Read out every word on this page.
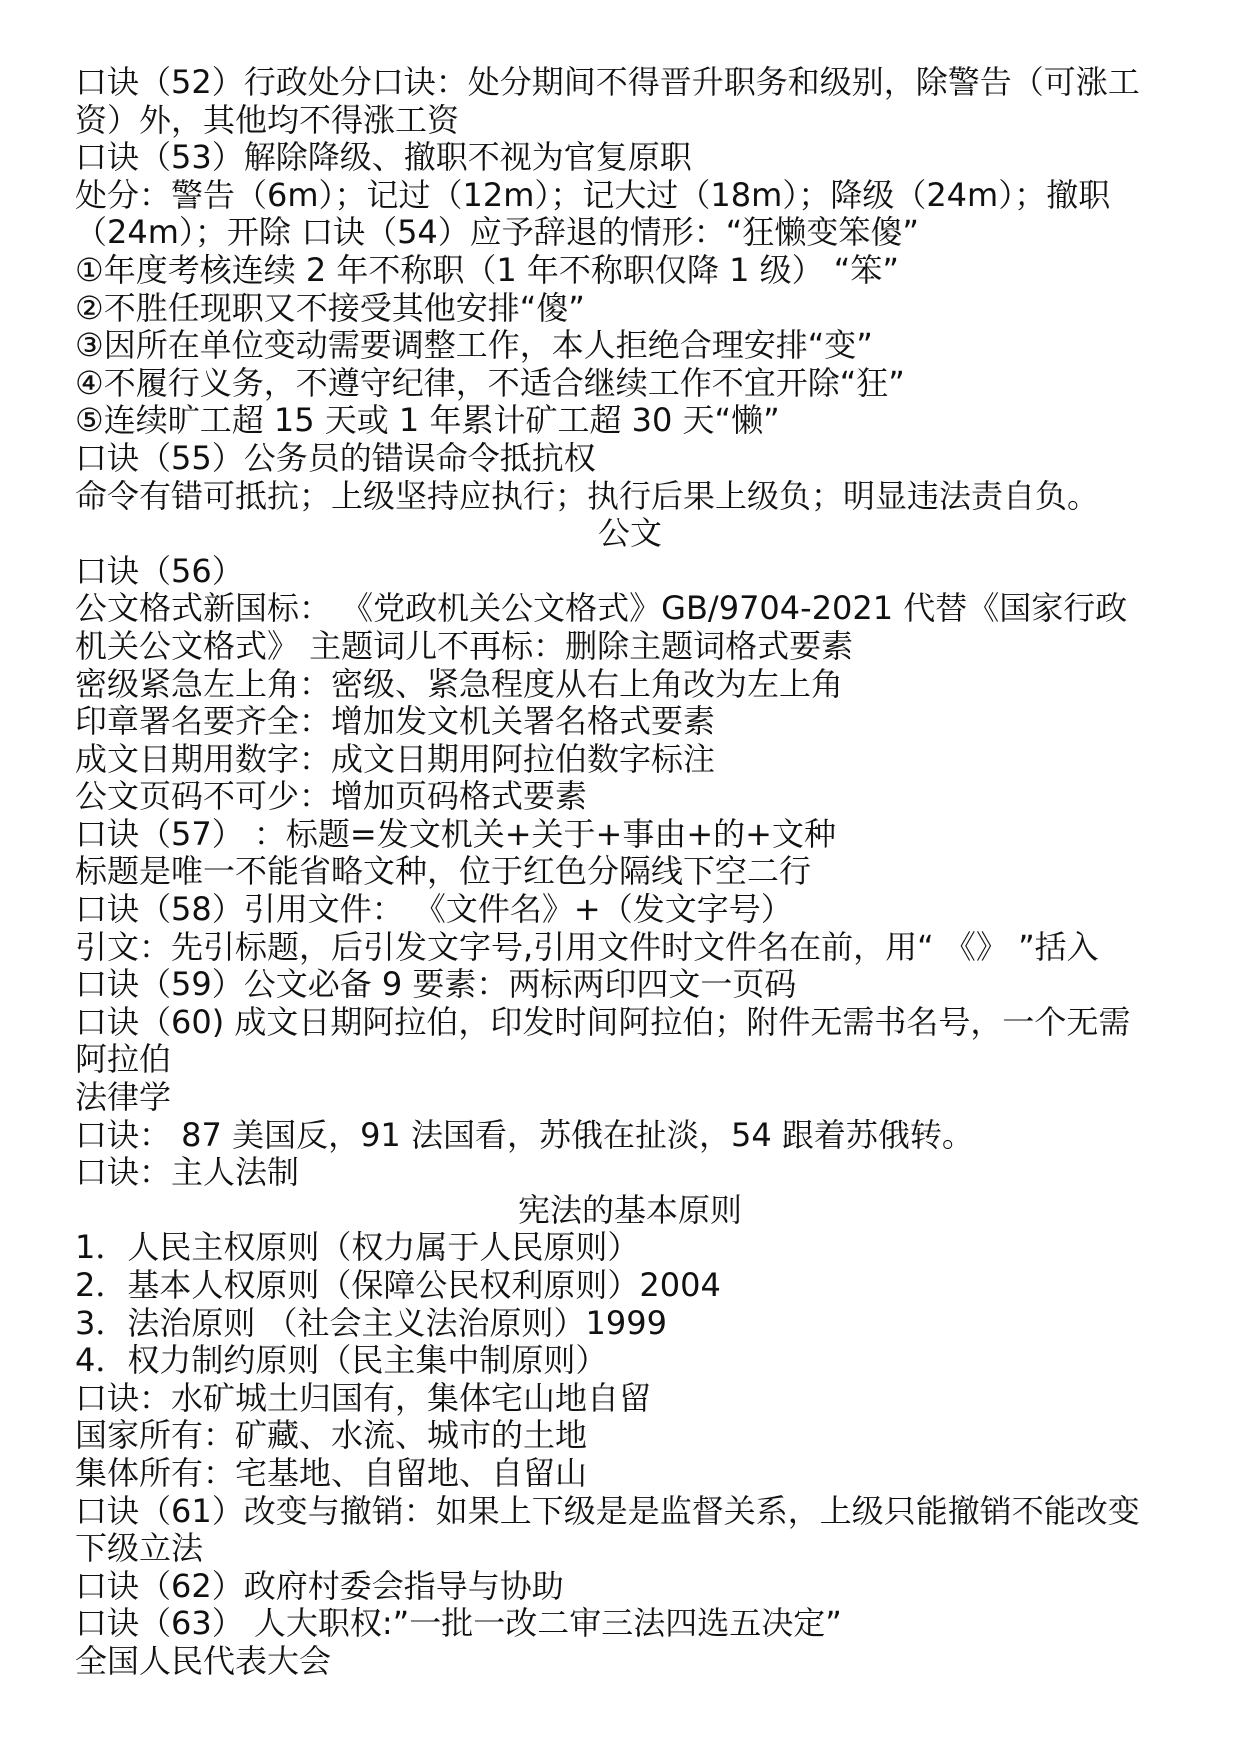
口诀（52）行政处分口诀：处分期间不得晋升职务和级别，除警告（可涨工
资）外，其他均不得涨工资
口诀（53）解除降级、撤职不视为官复原职
处分：警告（6m）；记过（12m）；记大过（18m）；降级（24m）；撤职
（24m）；开除 口诀（54）应予辞退的情形：“狂懒变笨傻”
①年度考核连续 2 年不称职（1 年不称职仅降 1 级） “笨”
②不胜任现职又不接受其他安排“傻”
③因所在单位变动需要调整工作，本人拒绝合理安排“变”
④不履行义务，不遵守纪律，不适合继续工作不宜开除“狂”
⑤连续旷工超 15 天或 1 年累计矿工超 30 天“懒”
口诀（55）公务员的错误命令抵抗权
命令有错可抵抗；上级坚持应执行；执行后果上级负；明显违法责自负。
公文
口诀（56）
公文格式新国标： 《党政机关公文格式》GB/9704-2021 代替《国家行政
机关公文格式》 主题词儿不再标：删除主题词格式要素
密级紧急左上角：密级、紧急程度从右上角改为左上角
印章署名要齐全：增加发文机关署名格式要素
成文日期用数字：成文日期用阿拉伯数字标注
公文页码不可少：增加页码格式要素
口诀（57） ：标题=发文机关+关于+事由+的+文种
标题是唯一不能省略文种，位于红色分隔线下空二行
口诀（58）引用文件： 《文件名》+（发文字号）
引文：先引标题，后引发文字号,引用文件时文件名在前，用“ 《》 ”括入
口诀（59）公文必备 9 要素：两标两印四文一页码
口诀（60) 成文日期阿拉伯，印发时间阿拉伯；附件无需书名号，一个无需
阿拉伯
法律学
口诀： 87 美国反，91 法国看，苏俄在扯淡，54 跟着苏俄转。
口诀：主人法制
宪法的基本原则
1．人民主权原则（权力属于人民原则）
2．基本人权原则（保障公民权利原则）2004
3．法治原则 （社会主义法治原则）1999
4．权力制约原则（民主集中制原则）
口诀：水矿城土归国有，集体宅山地自留
国家所有：矿藏、水流、城市的土地
集体所有：宅基地、自留地、自留山
口诀（61）改变与撤销：如果上下级是是监督关系，上级只能撤销不能改变
下级立法
口诀（62）政府村委会指导与协助
口诀（63） 人大职权:”一批一改二审三法四选五决定”
全国人民代表大会
